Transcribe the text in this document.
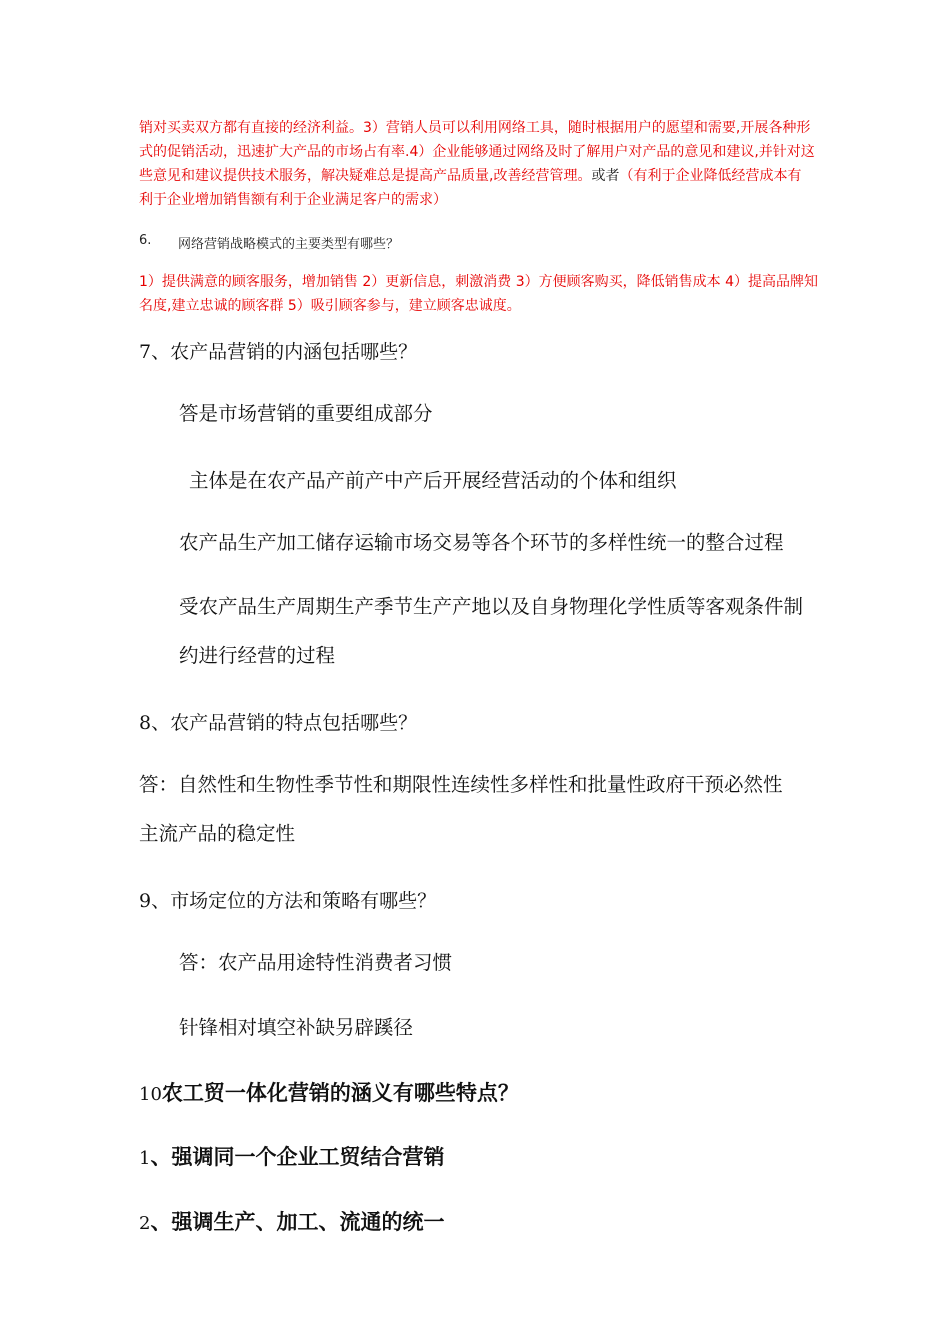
销对买卖双方都有直接的经济利益。3）营销人员可以利用网络工具，随时根据用户的愿望和需要,开展各种形
式的促销活动，迅速扩大产品的市场占有率.4）企业能够通过网络及时了解用户对产品的意见和建议,并针对这
些意见和建议提供技术服务，解决疑难总是提高产品质量,改善经营管理。或者（有利于企业降低经营成本有
利于企业增加销售额有利于企业满足客户的需求）
6. 网络营销战略模式的主要类型有哪些？
1）提供满意的顾客服务，增加销售 2）更新信息，刺激消费 3）方便顾客购买，降低销售成本 4）提高品牌知
名度,建立忠诚的顾客群 5）吸引顾客参与，建立顾客忠诚度。
7、农产品营销的内涵包括哪些？
答是市场营销的重要组成部分
主体是在农产品产前产中产后开展经营活动的个体和组织
农产品生产加工储存运输市场交易等各个环节的多样性统一的整合过程
受农产品生产周期生产季节生产产地以及自身物理化学性质等客观条件制
约进行经营的过程
8、农产品营销的特点包括哪些？
答：自然性和生物性季节性和期限性连续性多样性和批量性政府干预必然性
主流产品的稳定性
9、市场定位的方法和策略有哪些？
答：农产品用途特性消费者习惯
针锋相对填空补缺另辟蹊径
10农工贸一体化营销的涵义有哪些特点？
1、强调同一个企业工贸结合营销
2、强调生产、加工、流通的统一
